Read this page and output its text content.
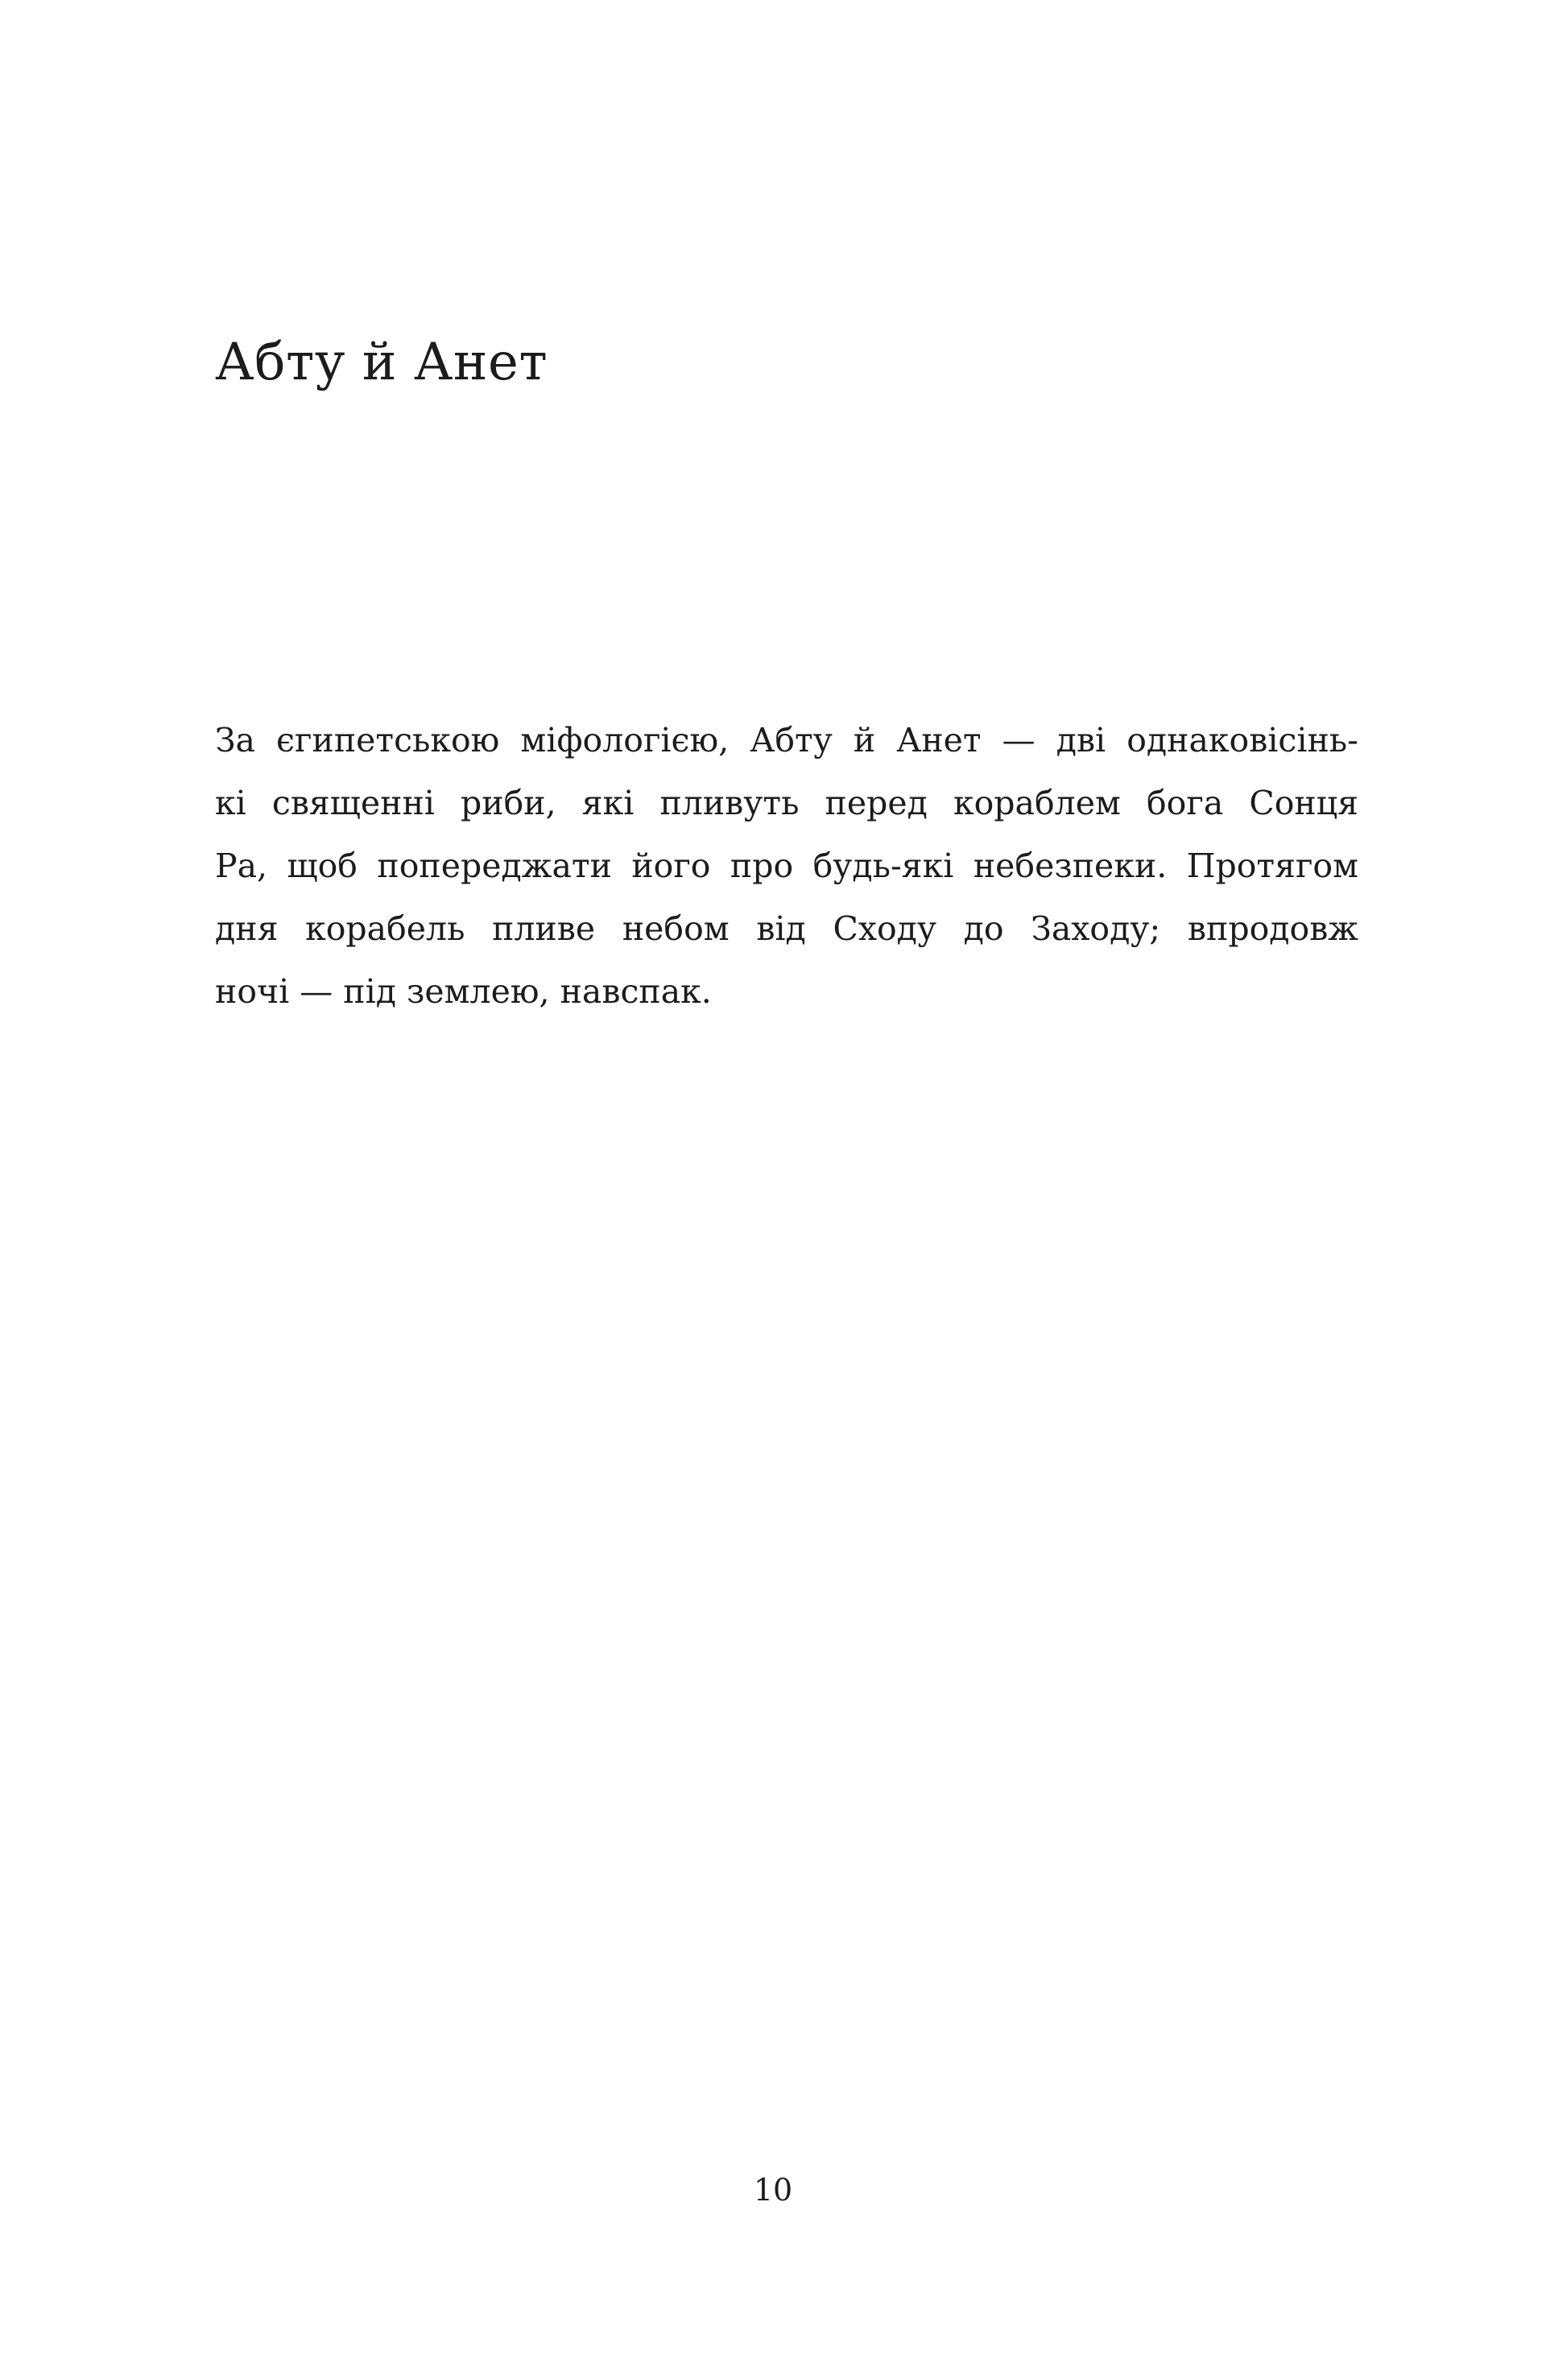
Абту й Анет
За єгипетською міфологією, Абту й Анет — дві однаковісінь-
кі священні риби, які пливуть перед кораблем бога Сонця
Ра, щоб попереджати його про будь-які небезпеки. Протягом
дня корабель пливе небом від Сходу до Заходу; впродовж
ночі — під землею, навспак.
10
